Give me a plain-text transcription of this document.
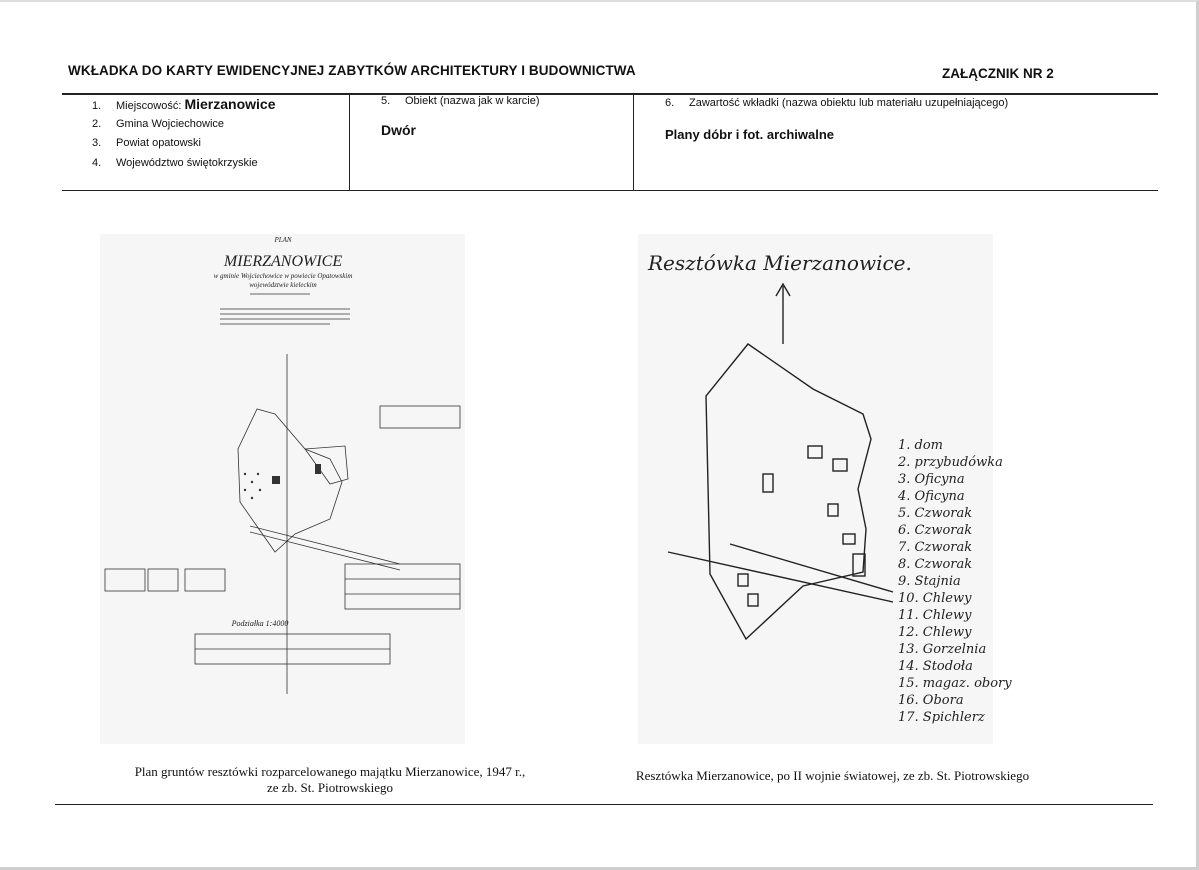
WKŁADKA DO KARTY EWIDENCYJNEJ ZABYTKÓW ARCHITEKTURY I BUDOWNICTWA	ZAŁĄCZNIK NR 2
1. Miejscowość: Mierzanowice
2. Gmina Wojciechowice
3. Powiat opatowski
4. Województwo świętokrzyskie
5. Obiekt (nazwa jak w karcie)
Dwór
6. Zawartość wkładki (nazwa obiektu lub materiału uzupełniającego)
Plany dóbr i fot. archiwalne
PLAN
MIERZANOWICE
w gminie Wojciechowice w powiecie Opatowskim
województwie kieleckim
Podziałka 1:4000
Resztówka Mierzanowice.
1. dom
2. przybudówka
3. Oficyna
4. Oficyna
5. Czworak
6. Czworak
7. Czworak
8. Czworak
9. Stajnia
10. Chlewy
11. Chlewy
12. Chlewy
13. Gorzelnia
14. Stodoła
15. magaz. obory
16. Obora
17. Spichlerz
Plan gruntów resztówki rozparcelowanego majątku Mierzanowice, 1947 r.,
ze zb. St. Piotrowskiego
Resztówka Mierzanowice, po II wojnie światowej, ze zb. St. Piotrowskiego
